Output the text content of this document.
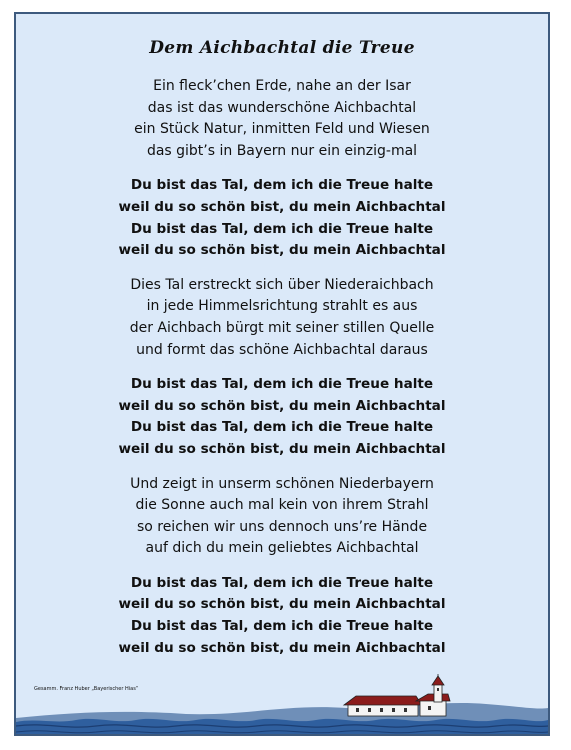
Dem Aichbachtal die Treue
Ein fleck’chen Erde, nahe an der Isar
das ist das wunderschöne Aichbachtal
ein Stück Natur, inmitten Feld und Wiesen
das gibt’s in Bayern nur ein einzig-mal
Du bist das Tal, dem ich die Treue halte
weil du so schön bist, du mein Aichbachtal
Du bist das Tal, dem ich die Treue halte
weil du so schön bist, du mein Aichbachtal
Dies Tal erstreckt sich über Niederaichbach
in jede Himmelsrichtung strahlt es aus
der Aichbach bürgt mit seiner stillen Quelle
und formt das schöne Aichbachtal daraus
Du bist das Tal, dem ich die Treue halte
weil du so schön bist, du mein Aichbachtal
Du bist das Tal, dem ich die Treue halte
weil du so schön bist, du mein Aichbachtal
Und zeigt in unserm schönen Niederbayern
die Sonne auch mal kein von ihrem Strahl
so reichen wir uns dennoch uns’re Hände
auf dich du mein geliebtes Aichbachtal
Du bist das Tal, dem ich die Treue halte
weil du so schön bist, du mein Aichbachtal
Du bist das Tal, dem ich die Treue halte
weil du so schön bist, du mein Aichbachtal
Gesamm. Franz Huber „Bayerischer Hias“
